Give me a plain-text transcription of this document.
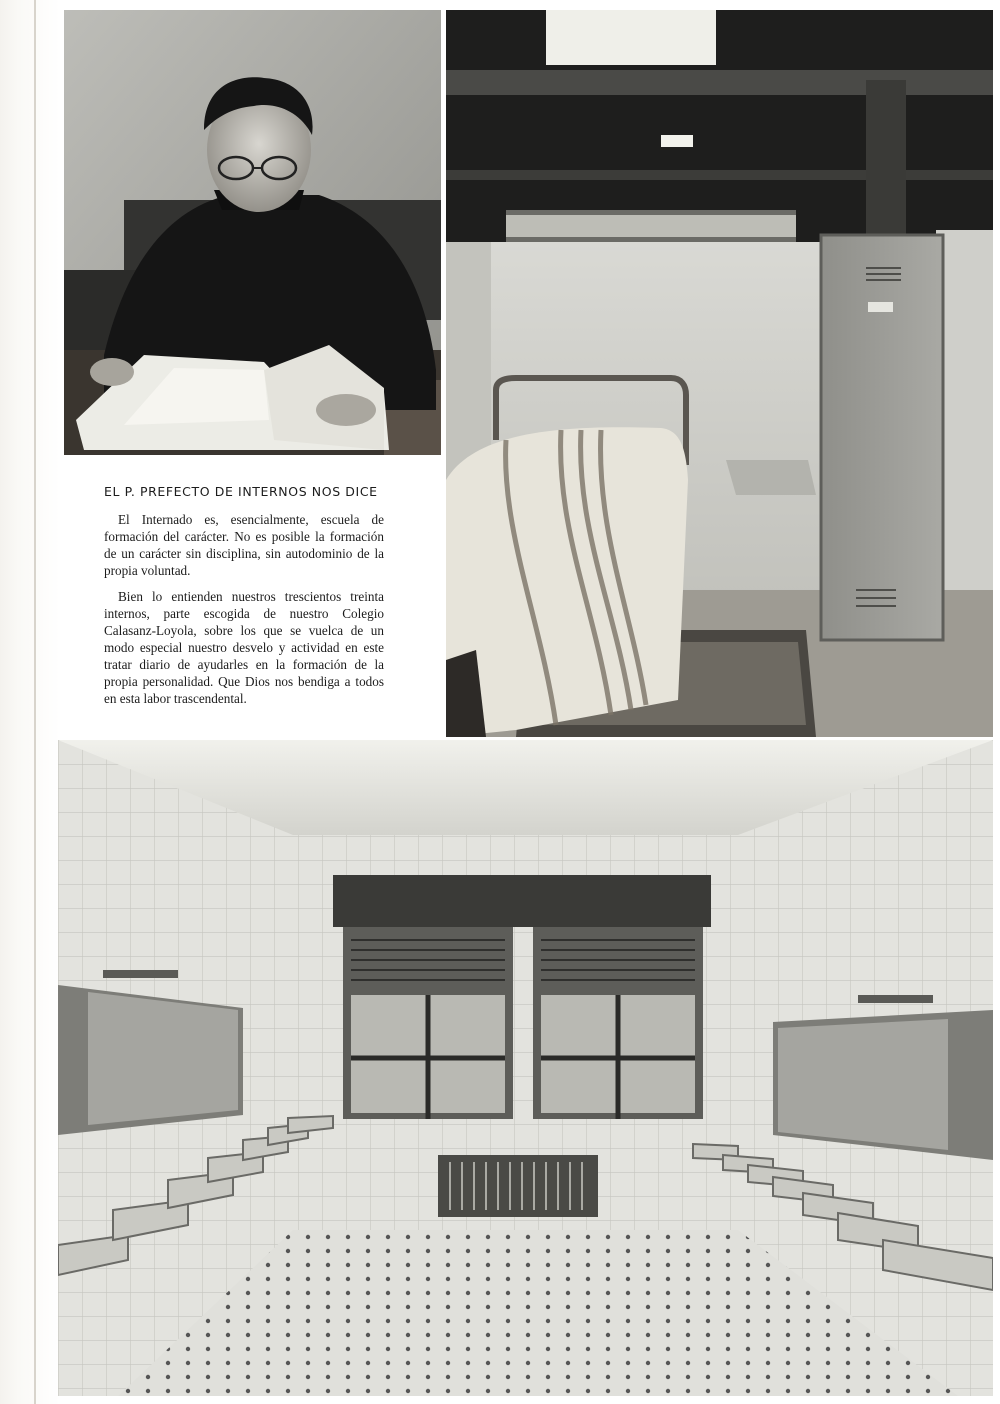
EL P. PREFECTO DE INTERNOS NOS DICE

El Internado es, esencialmente, escuela de formación del carácter. No es posible la formación de un carácter sin disciplina, sin autodominio de la propia voluntad.

Bien lo entienden nuestros trescientos treinta internos, parte escogida de nuestro Colegio Calasanz-Loyola, sobre los que se vuelca de un modo especial nuestro desvelo y actividad en este tratar diario de ayudarles en la formación de la propia personalidad. Que Dios nos bendiga a todos en esta labor trascendental.
